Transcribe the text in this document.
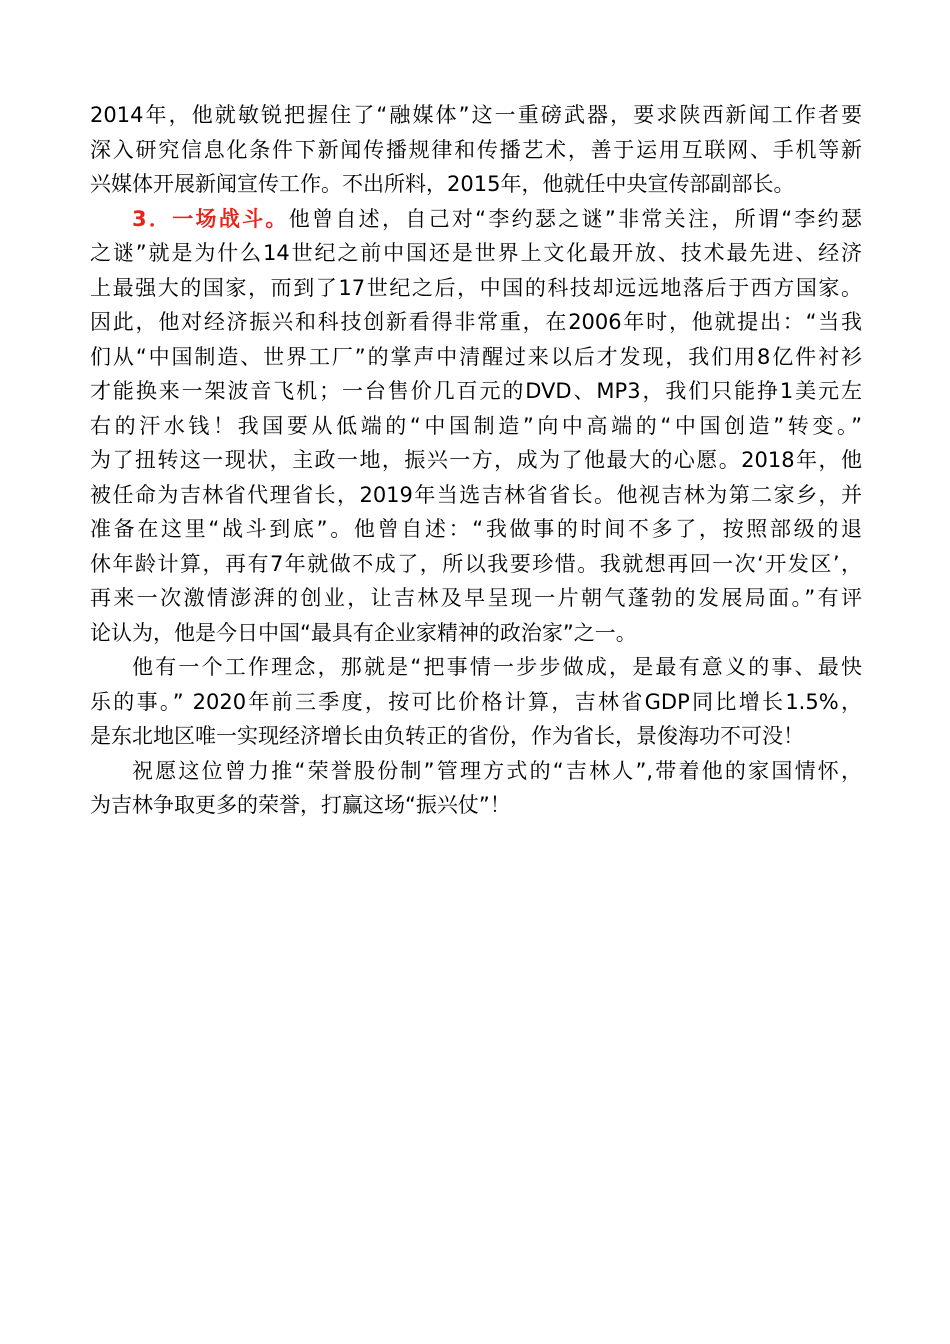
2014年，他就敏锐把握住了“融媒体”这一重磅武器，要求陕西新闻工作者要
深入研究信息化条件下新闻传播规律和传播艺术，善于运用互联网、手机等新
兴媒体开展新闻宣传工作。不出所料，2015年，他就任中央宣传部副部长。
3．一场战斗。他曾自述，自己对“李约瑟之谜”非常关注，所谓“李约瑟
之谜”就是为什么14世纪之前中国还是世界上文化最开放、技术最先进、经济
上最强大的国家，而到了17世纪之后，中国的科技却远远地落后于西方国家。
因此，他对经济振兴和科技创新看得非常重，在2006年时，他就提出：“当我
们从“中国制造、世界工厂”的掌声中清醒过来以后才发现，我们用8亿件衬衫
才能换来一架波音飞机；一台售价几百元的DVD、MP3，我们只能挣1美元左
右的汗水钱！我国要从低端的“中国制造”向中高端的“中国创造”转变。”
为了扭转这一现状，主政一地，振兴一方，成为了他最大的心愿。2018年，他
被任命为吉林省代理省长，2019年当选吉林省省长。他视吉林为第二家乡，并
准备在这里“战斗到底”。他曾自述：“我做事的时间不多了，按照部级的退
休年龄计算，再有7年就做不成了，所以我要珍惜。我就想再回一次‘开发区’，
再来一次激情澎湃的创业，让吉林及早呈现一片朝气蓬勃的发展局面。”有评
论认为，他是今日中国“最具有企业家精神的政治家”之一。
他有一个工作理念，那就是“把事情一步步做成，是最有意义的事、最快
乐的事。” 2020年前三季度，按可比价格计算，吉林省GDP同比增长1.5%，
是东北地区唯一实现经济增长由负转正的省份，作为省长，景俊海功不可没！
祝愿这位曾力推“荣誉股份制”管理方式的“吉林人”,带着他的家国情怀，
为吉林争取更多的荣誉，打赢这场“振兴仗”！
